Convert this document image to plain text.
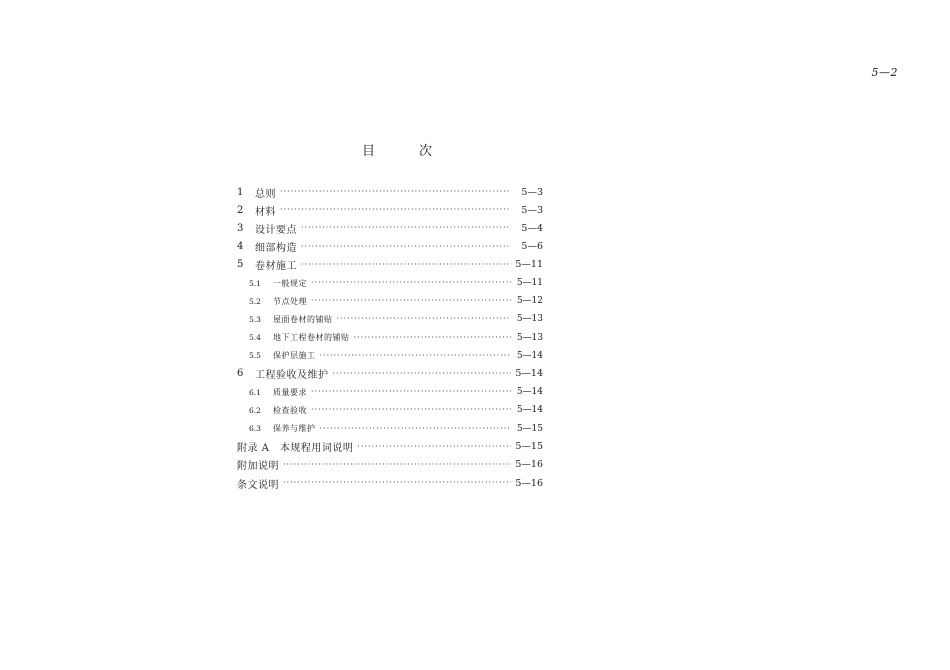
5—2
目	次
1	总则 ·····	5—3
2	材料 ·····	5—3
3	设计要点 ·····	5—4
4	细部构造 ·····	5—6
5	卷材施工 ·····	5—11
5.1	一般规定 ·····	5—11
5.2	节点处理 ·····	5—12
5.3	屋面卷材的铺贴 ·····	5—13
5.4	地下工程卷材的铺贴 ·····	5—13
5.5	保护层施工 ·····	5—14
6	工程验收及维护 ·····	5—14
6.1	质量要求 ·····	5—14
6.2	检查验收 ·····	5—14
6.3	保养与维护 ·····	5—15
附录 A　本规程用词说明 ·····	5—15
附加说明 ·····	5—16
条文说明 ·····	5—16
